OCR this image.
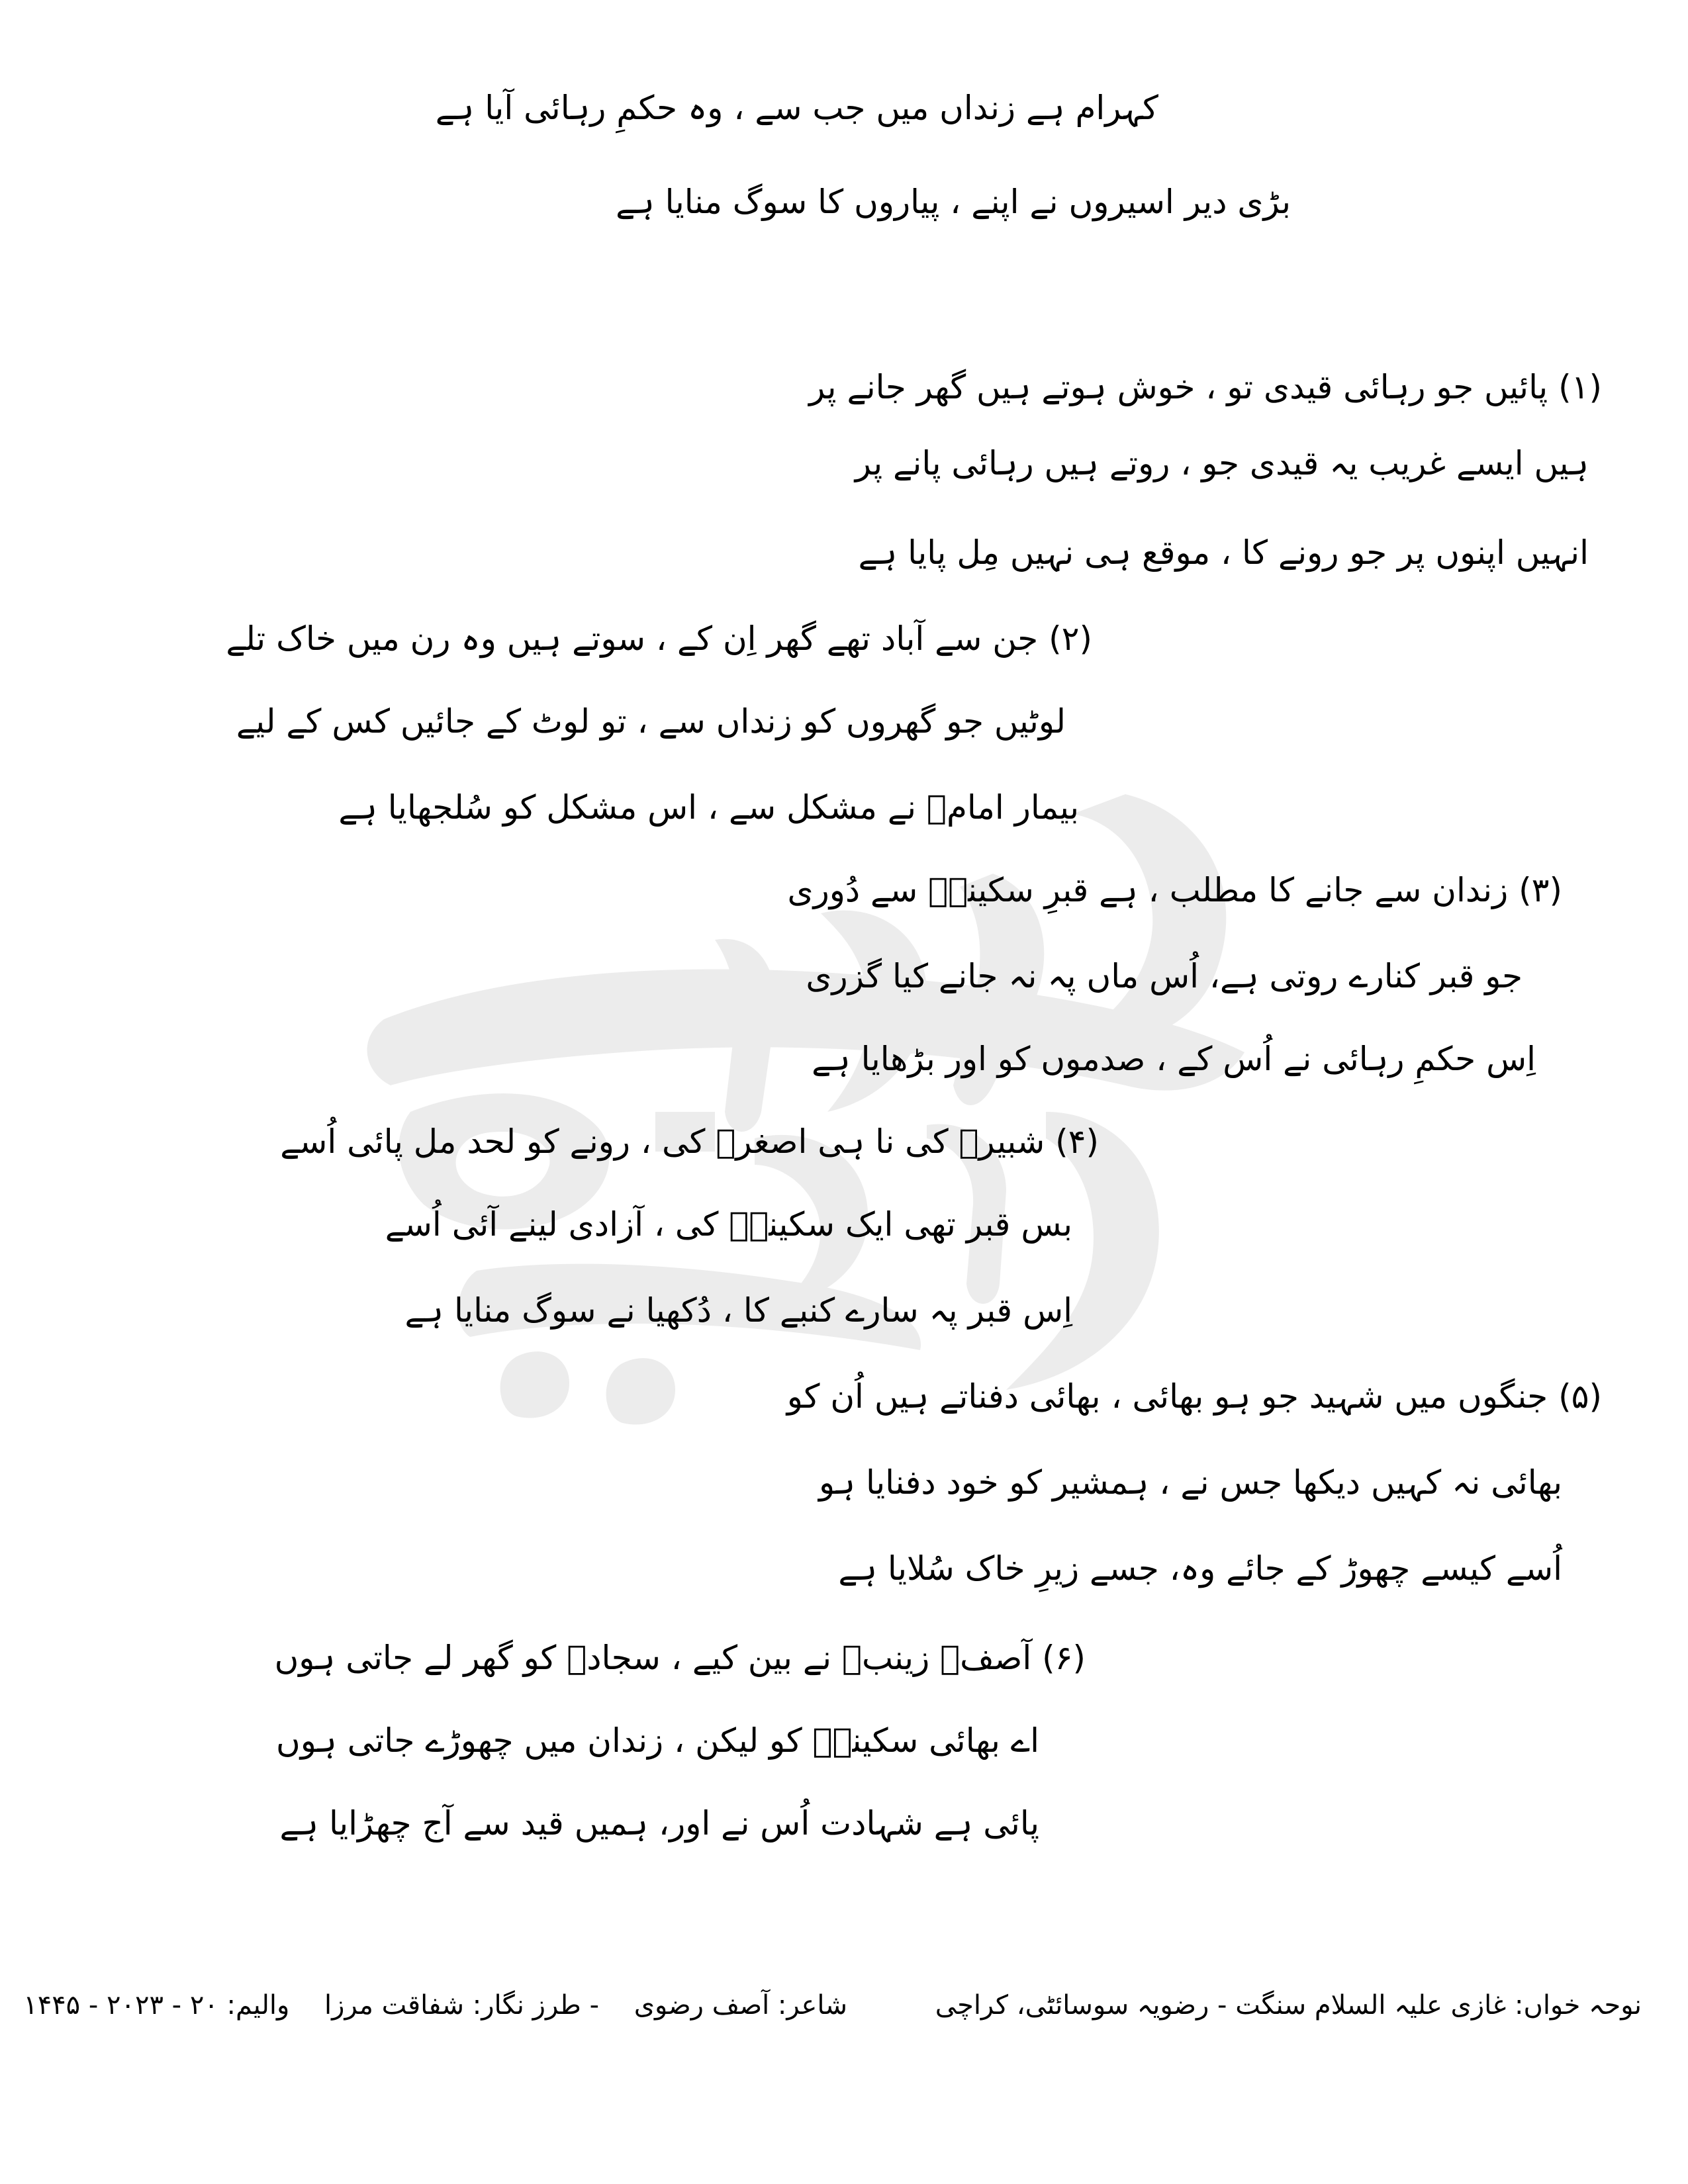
کہرام ہے زنداں میں جب سے ، وہ حکمِ رہائی آیا ہے
بڑی دیر اسیروں نے اپنے ، پیاروں کا سوگ منایا ہے
(۱) پائیں جو رہائی قیدی تو ، خوش ہوتے ہیں گھر جانے پر
ہیں ایسے غریب یہ قیدی جو ، روتے ہیں رہائی پانے پر
انہیں اپنوں پر جو رونے کا ، موقع ہی نہیں مِل پایا ہے
(۲) جن سے آباد تھے گھر اِن کے ، سوتے ہیں وہ رن میں خاک تلے
لوٹیں جو گھروں کو زنداں سے ، تو لوٹ کے جائیں کس کے لیے
بیمار امامؑ نے مشکل سے ، اس مشکل کو سُلجھایا ہے
(۳) زندان سے جانے کا مطلب ، ہے قبرِ سکینہؑ سے دُوری
جو قبر کنارے روتی ہے، اُس ماں پہ نہ جانے کیا گزری
اِس حکمِ رہائی نے اُس کے ، صدموں کو اور بڑھایا ہے
(۴) شبیرؑ کی نا ہی اصغرؑ کی ، رونے کو لحد مل پائی اُسے
بس قبر تھی ایک سکینہؑ کی ، آزادی لینے آئی اُسے
اِس قبر پہ سارے کنبے کا ، دُکھیا نے سوگ منایا ہے
(۵) جنگوں میں شہید جو ہو بھائی ، بھائی دفناتے ہیں اُن کو
بھائی نہ کہیں دیکھا جس نے ، ہمشیر کو خود دفنایا ہو
اُسے کیسے چھوڑ کے جائے وہ، جسے زیرِ خاک سُلایا ہے
(۶) آصفؔ زینبؑ نے بین کیے ، سجادؑ کو گھر لے جاتی ہوں
اے بھائی سکینہؑ کو لیکن ، زندان میں چھوڑے جاتی ہوں
پائی ہے شہادت اُس نے اور، ہمیں قید سے آج چھڑایا ہے
نوحہ خواں: غازی علیہ السلام سنگت - رضویہ سوسائٹی، کراچی شاعر: آصف رضوی - طرز نگار: شفاقت مرزا والیم: ۲۰ - ۲۰۲۳ - ۱۴۴۵
